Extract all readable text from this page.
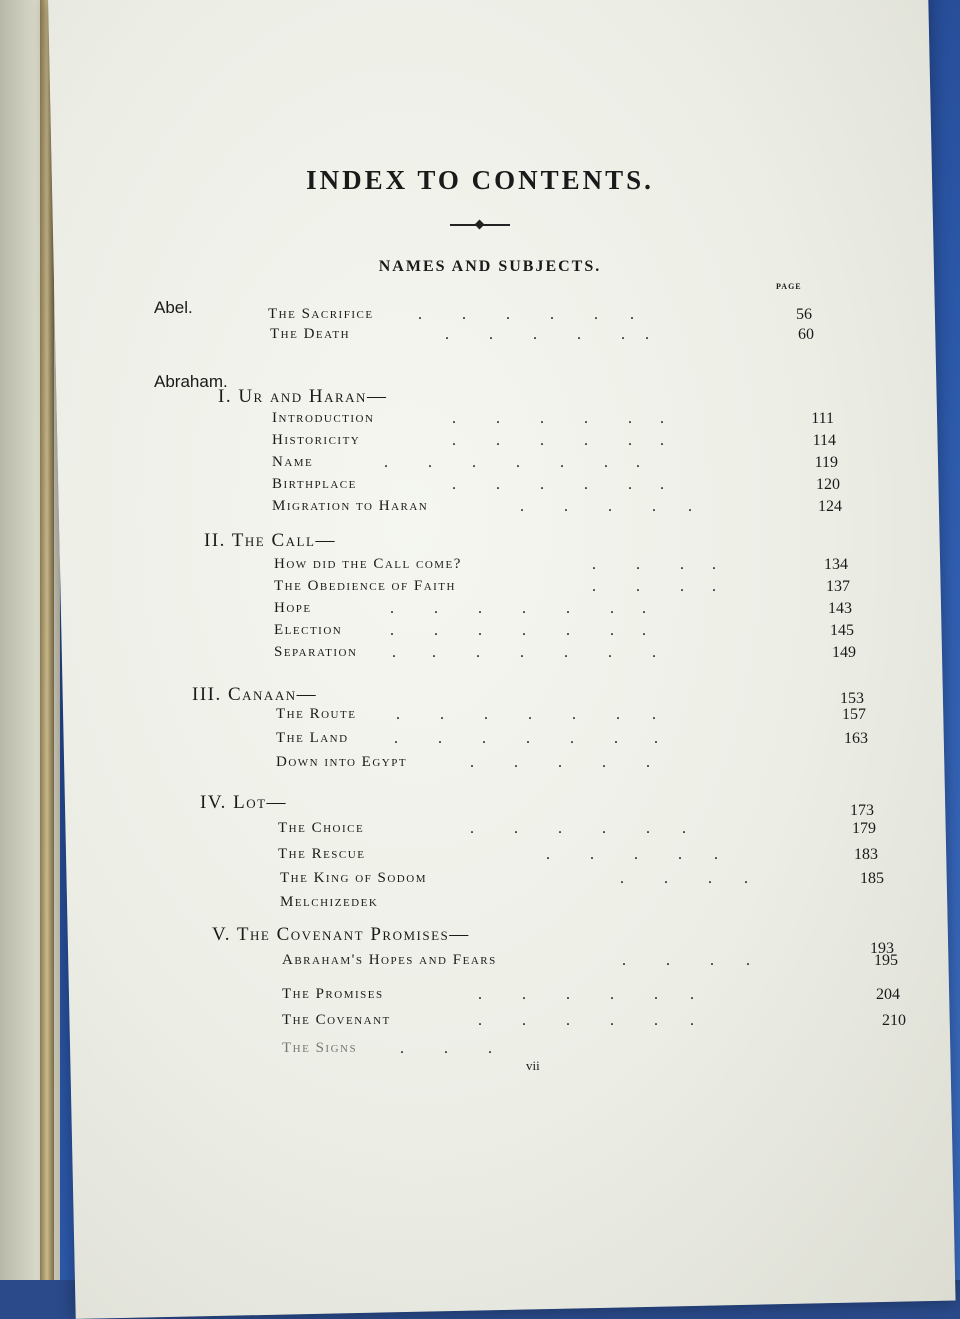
INDEX TO CONTENTS.
NAMES AND SUBJECTS.
PAGE
Abel.	The Sacrifice	.          .          .          .          .        .	56
The Death	.          .          .          .          .     .	60
Abraham.
I. Ur and Haran—
Introduction	.          .          .          .          .       .	111
Historicity	.          .          .          .          .       .	114
Name	.          .          .          .          .          .       .	119
Birthplace	.          .          .          .          .       .	120
Migration to Haran	.          .          .          .        .	124
II. The Call—
How did the Call come?	.          .          .       .	134
The Obedience of Faith	.          .          .       .	137
Hope	.          .          .          .          .          .       .	143
Election	.          .          .          .          .          .       .	145
Separation .         .          .          .          .          .          .	149
III. Canaan—	153
The Route .          .          .          .          .          .        .	157
The Land	.          .          .          .          .          .         .	163
Down into Egypt	.          .          .          .          .
IV. Lot—	173
The Choice	.          .          .          .          .        .	179
The Rescue	.          .          .          .        .	183
The King of Sodom	.          .          .        .	185
Melchizedek
V. The Covenant Promises—
193
Abraham's Hopes and Fears	.          .          .        .	195
The Promises	.          .          .          .          .        .	204
The Covenant	.          .          .          .          .        .	210
The Signs	.          .          .
vii
